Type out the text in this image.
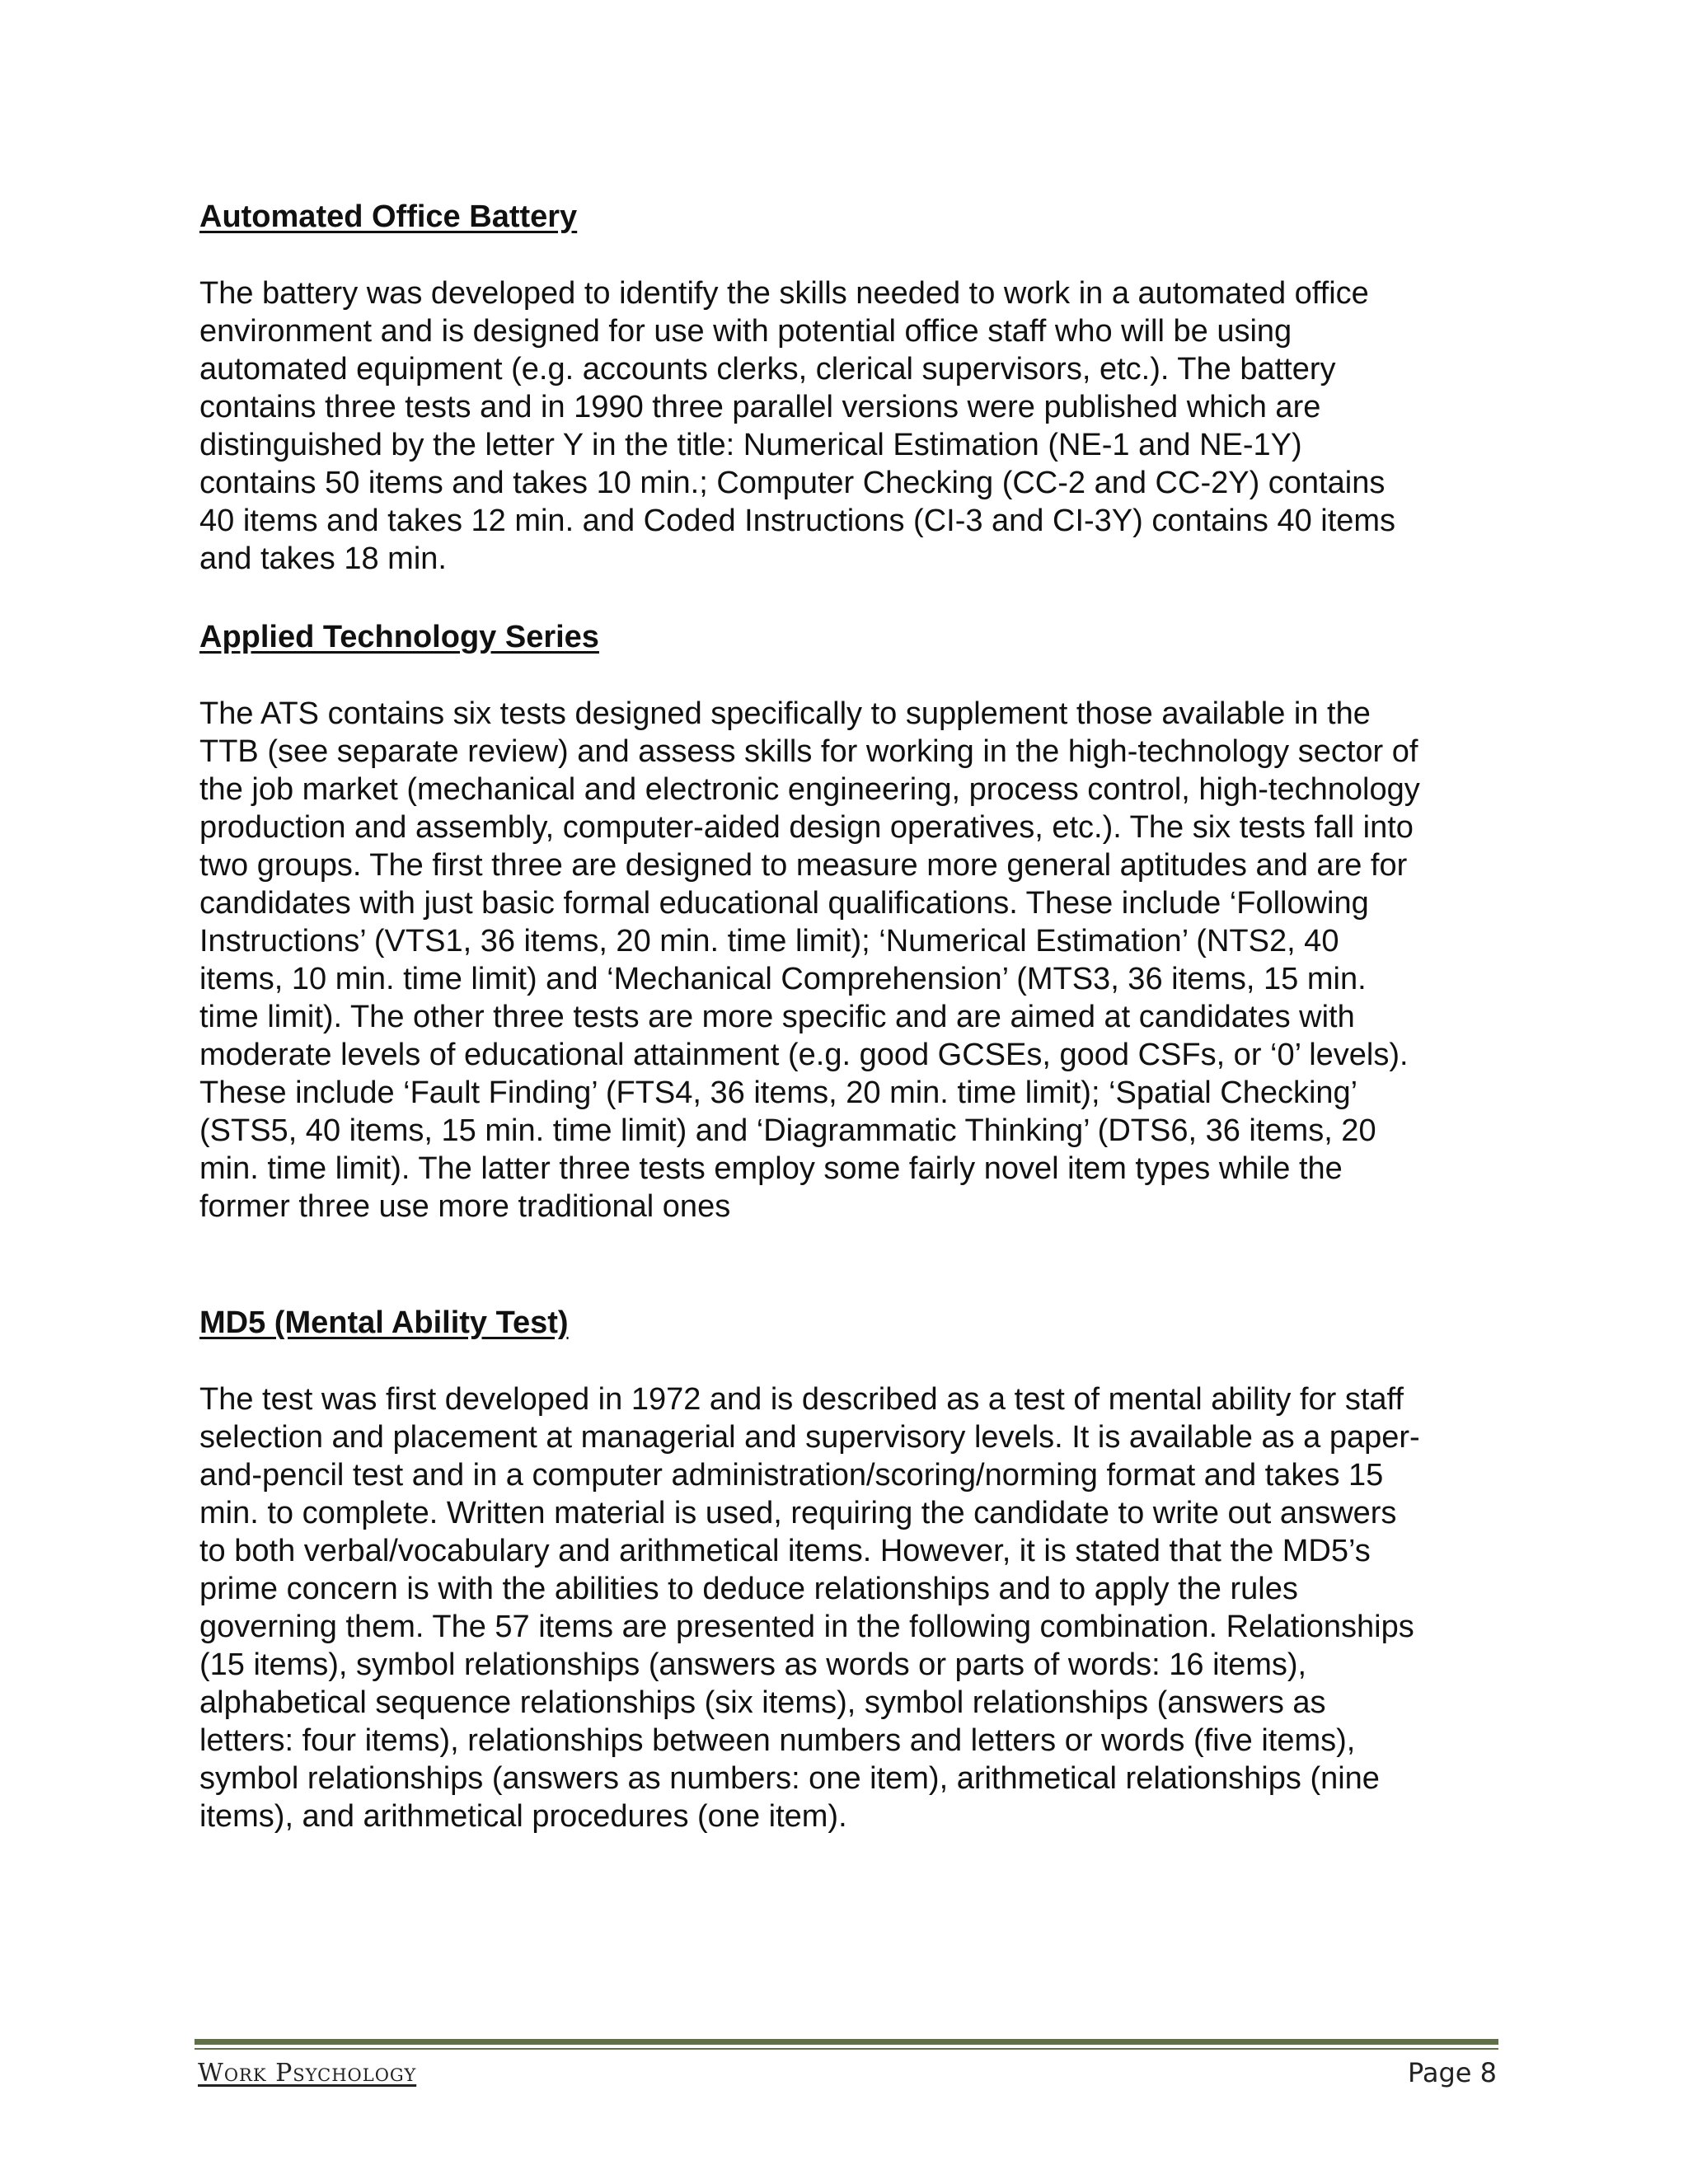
Automated Office Battery

The battery was developed to identify the skills needed to work in a automated office
environment and is designed for use with potential office staff who will be using
automated equipment (e.g. accounts clerks, clerical supervisors, etc.). The battery
contains three tests and in 1990 three parallel versions were published which are
distinguished by the letter Y in the title: Numerical Estimation (NE-1 and NE-1Y)
contains 50 items and takes 10 min.; Computer Checking (CC-2 and CC-2Y) contains
40 items and takes 12 min. and Coded Instructions (CI-3 and CI-3Y) contains 40 items
and takes 18 min.

Applied Technology Series

The ATS contains six tests designed specifically to supplement those available in the
TTB (see separate review) and assess skills for working in the high-technology sector of
the job market (mechanical and electronic engineering, process control, high-technology
production and assembly, computer-aided design operatives, etc.). The six tests fall into
two groups. The first three are designed to measure more general aptitudes and are for
candidates with just basic formal educational qualifications. These include ‘Following
Instructions’ (VTS1, 36 items, 20 min. time limit); ‘Numerical Estimation’ (NTS2, 40
items, 10 min. time limit) and ‘Mechanical Comprehension’ (MTS3, 36 items, 15 min.
time limit). The other three tests are more specific and are aimed at candidates with
moderate levels of educational attainment (e.g. good GCSEs, good CSFs, or ‘0’ levels).
These include ‘Fault Finding’ (FTS4, 36 items, 20 min. time limit); ‘Spatial Checking’
(STS5, 40 items, 15 min. time limit) and ‘Diagrammatic Thinking’ (DTS6, 36 items, 20
min. time limit). The latter three tests employ some fairly novel item types while the
former three use more traditional ones

MD5 (Mental Ability Test)

The test was first developed in 1972 and is described as a test of mental ability for staff
selection and placement at managerial and supervisory levels. It is available as a paper-
and-pencil test and in a computer administration/scoring/norming format and takes 15
min. to complete. Written material is used, requiring the candidate to write out answers
to both verbal/vocabulary and arithmetical items. However, it is stated that the MD5’s
prime concern is with the abilities to deduce relationships and to apply the rules
governing them. The 57 items are presented in the following combination. Relationships
(15 items), symbol relationships (answers as words or parts of words: 16 items),
alphabetical sequence relationships (six items), symbol relationships (answers as
letters: four items), relationships between numbers and letters or words (five items),
symbol relationships (answers as numbers: one item), arithmetical relationships (nine
items), and arithmetical procedures (one item).

Work Psychology	Page 8
